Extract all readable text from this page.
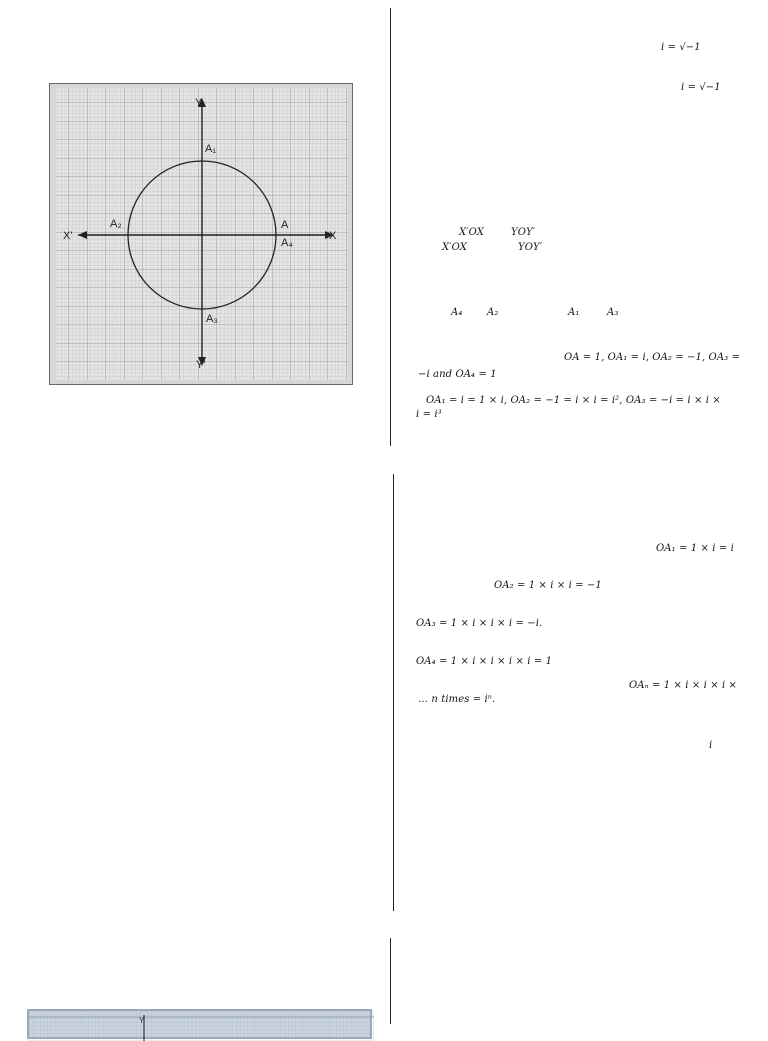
Y
Y'
X
X'
A₁
A₂
A₃
A
A₄
i = √−1
i = √−1
X′OX	YOY′
X′OX	YOY′
A₄ A₂	A₁	A₃
OA = 1, OA₁ = i, OA₂ = −1, OA₃ =
−i and OA₄ = 1
OA₁ = i = 1 × i, OA₂ = −1 = i × i = i², OA₃ = −i = i × i ×
i = i³
OA₁ = 1 × i = i
OA₂ = 1 × i × i = −1
OA₃ = 1 × i × i × i = −i.
OA₄ = 1 × i × i × i × i = 1
OAₙ = 1 × i × i × i ×
… n times = iⁿ.
i
Y
